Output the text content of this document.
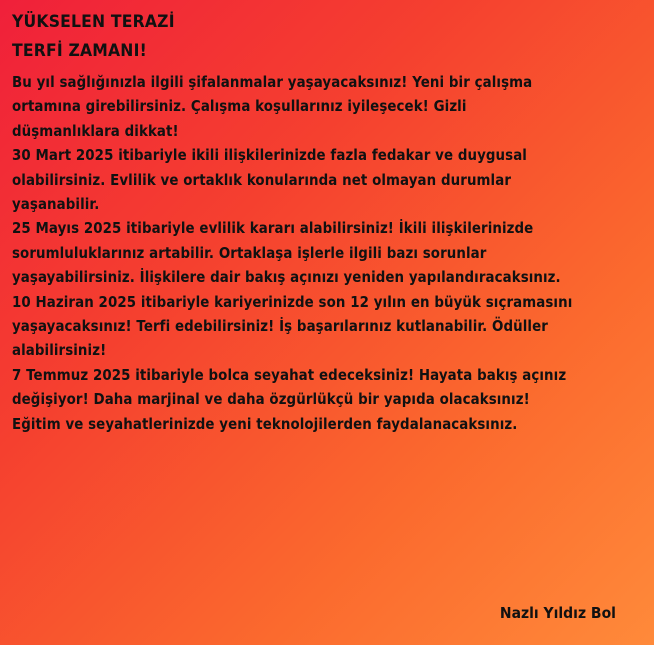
YÜKSELEN TERAZİ
TERFİ ZAMANI!
Bu yıl sağlığınızla ilgili şifalanmalar yaşayacaksınız! Yeni bir çalışma
ortamına girebilirsiniz. Çalışma koşullarınız iyileşecek! Gizli
düşmanlıklara dikkat!
30 Mart 2025 itibariyle ikili ilişkilerinizde fazla fedakar ve duygusal
olabilirsiniz. Evlilik ve ortaklık konularında net olmayan durumlar
yaşanabilir.
25 Mayıs 2025 itibariyle evlilik kararı alabilirsiniz! İkili ilişkilerinizde
sorumluluklarınız artabilir. Ortaklaşa işlerle ilgili bazı sorunlar
yaşayabilirsiniz. İlişkilere dair bakış açınızı yeniden yapılandıracaksınız.
10 Haziran 2025 itibariyle kariyerinizde son 12 yılın en büyük sıçramasını
yaşayacaksınız! Terfi edebilirsiniz! İş başarılarınız kutlanabilir. Ödüller
alabilirsiniz!
7 Temmuz 2025 itibariyle bolca seyahat edeceksiniz! Hayata bakış açınız
değişiyor! Daha marjinal ve daha özgürlükçü bir yapıda olacaksınız!
Eğitim ve seyahatlerinizde yeni teknolojilerden faydalanacaksınız.
Nazlı Yıldız Bol
